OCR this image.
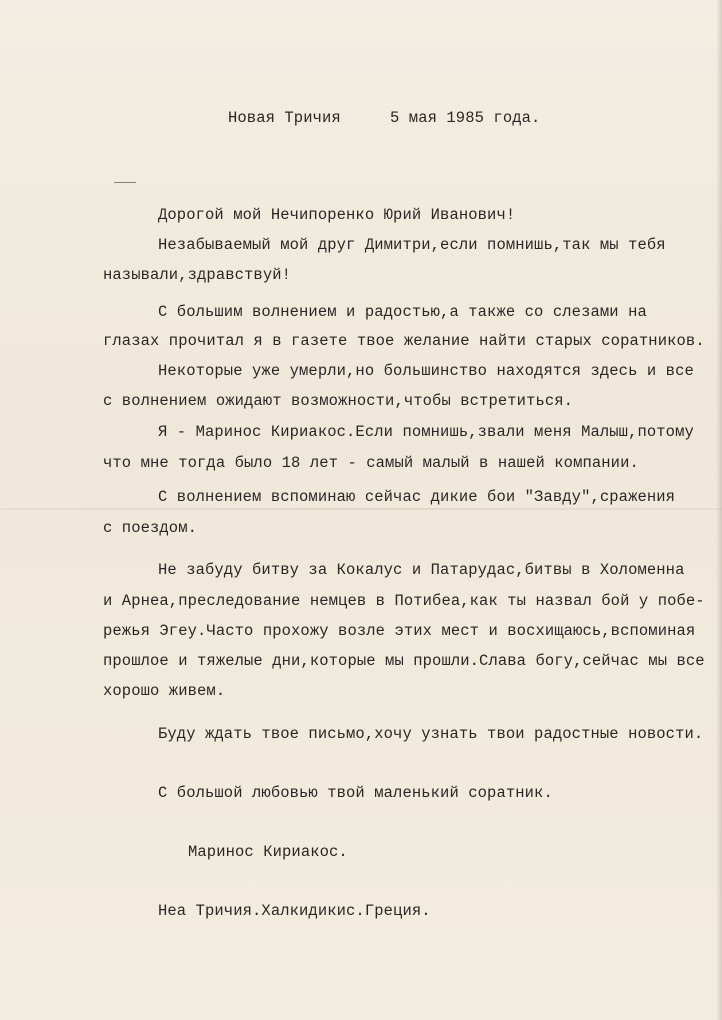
Новая Тричия	5 мая 1985 года.
Дорогой мой Нечипоренко Юрий Иванович!
Незабываемый мой друг Димитри,если помнишь,так мы тебя
называли,здравствуй!
С большим волнением и радостью,а также со слезами на
глазах прочитал я в газете твое желание найти старых соратников.
Некоторые уже умерли,но большинство находятся здесь и все
с волнением ожидают возможности,чтобы встретиться.
Я - Маринос Кириакос.Если помнишь,звали меня Малыш,потому
что мне тогда было 18 лет - самый малый в нашей компании.
С волнением вспоминаю сейчас дикие бои "Завду",сражения
с поездом.
Не забуду битву за Кокалус и Патарудас,битвы в Холоменна
и Арнеа,преследование немцев в Потибеа,как ты назвал бой у побе-
режья Эгеу.Часто прохожу возле этих мест и восхищаюсь,вспоминая
прошлое и тяжелые дни,которые мы прошли.Слава богу,сейчас мы все
хорошо живем.
Буду ждать твое письмо,хочу узнать твои радостные новости.
С большой любовью твой маленький соратник.
Маринос Кириакос.
Неа Тричия.Халкидикис.Греция.
